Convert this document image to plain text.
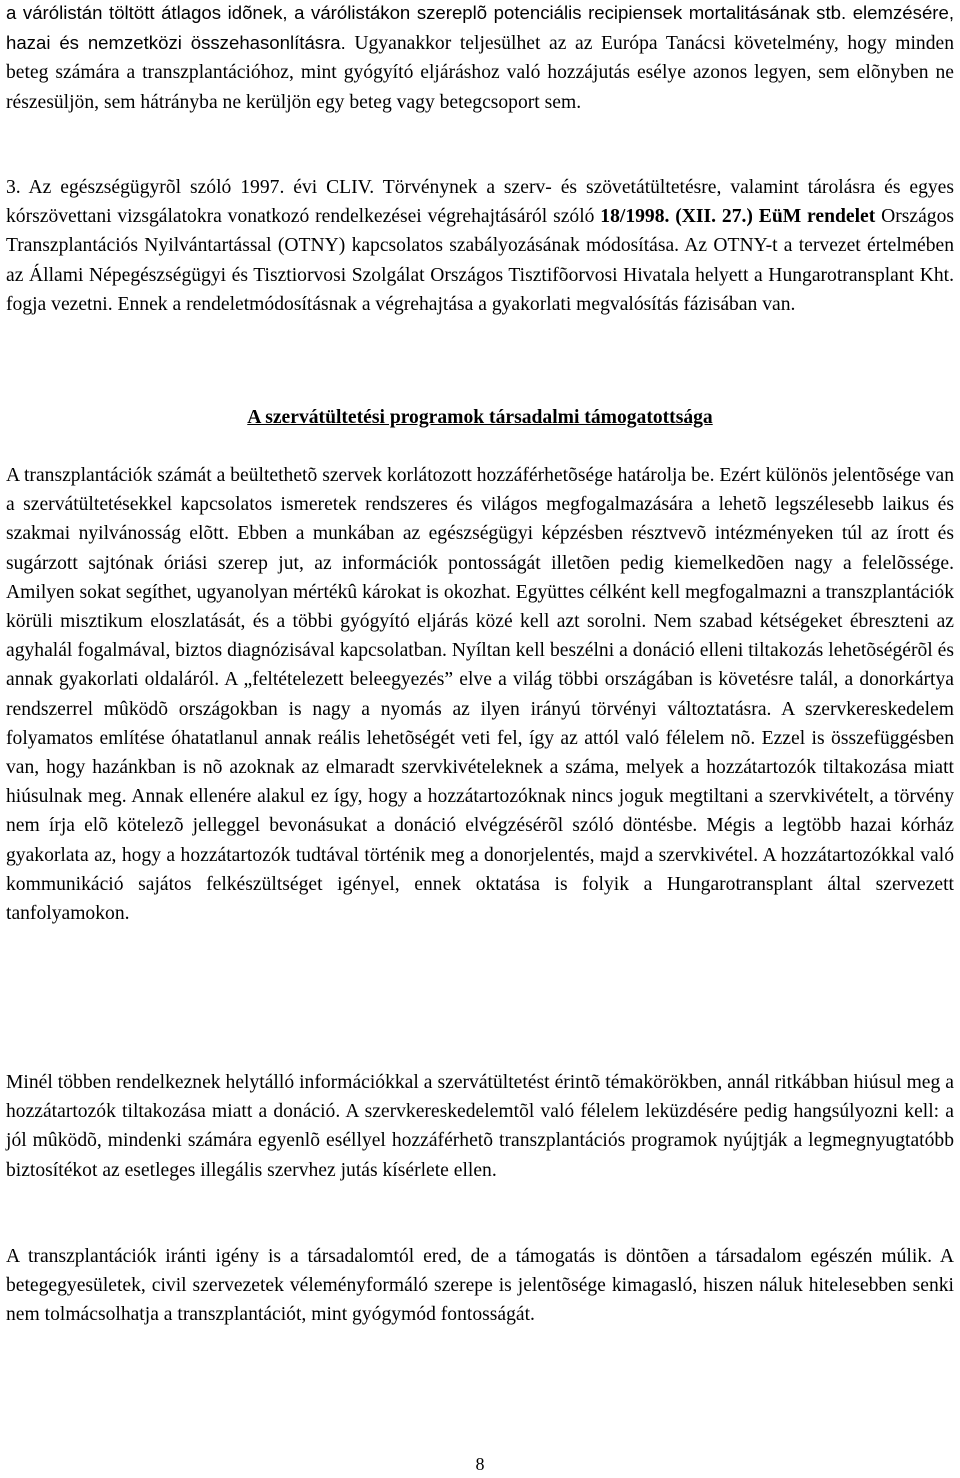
a várólistán töltött átlagos idõnek, a várólistákon szereplõ potenciális recipiensek mortalitásának stb. elemzésére, hazai és nemzetközi összehasonlításra. Ugyanakkor teljesülhet az az Európa Tanácsi követelmény, hogy minden beteg számára a transzplantációhoz, mint gyógyító eljáráshoz való hozzájutás esélye azonos legyen, sem elõnyben ne részesüljön, sem hátrányba ne kerüljön egy beteg vagy betegcsoport sem.

3. Az egészségügyrõl szóló 1997. évi CLIV. Törvénynek a szerv- és szövetátültetésre, valamint tárolásra és egyes kórszövettani vizsgálatokra vonatkozó rendelkezései végrehajtásáról szóló 18/1998. (XII. 27.) EüM rendelet Országos Transzplantációs Nyilvántartással (OTNY) kapcsolatos szabályozásának módosítása. Az OTNY-t a tervezet értelmében az Állami Népegészségügyi és Tisztiorvosi Szolgálat Országos Tisztifõorvosi Hivatala helyett a Hungarotransplant Kht. fogja vezetni. Ennek a rendeletmódosításnak a végrehajtása a gyakorlati megvalósítás fázisában van.

A szervátültetési programok társadalmi támogatottsága

A transzplantációk számát a beültethetõ szervek korlátozott hozzáférhetõsége határolja be. Ezért különös jelentõsége van a szervátültetésekkel kapcsolatos ismeretek rendszeres és világos megfogalmazására a lehetõ legszélesebb laikus és szakmai nyilvánosság elõtt. Ebben a munkában az egészségügyi képzésben résztvevõ intézményeken túl az írott és sugárzott sajtónak óriási szerep jut, az információk pontosságát illetõen pedig kiemelkedõen nagy a felelõssége. Amilyen sokat segíthet, ugyanolyan mértékû károkat is okozhat. Együttes célként kell megfogalmazni a transzplantációk körüli misztikum eloszlatását, és a többi gyógyító eljárás közé kell azt sorolni. Nem szabad kétségeket ébreszteni az agyhalál fogalmával, biztos diagnózisával kapcsolatban. Nyíltan kell beszélni a donáció elleni tiltakozás lehetõségérõl és annak gyakorlati oldaláról. A „feltételezett beleegyezés” elve a világ többi országában is követésre talál, a donorkártya rendszerrel mûködõ országokban is nagy a nyomás az ilyen irányú törvényi változtatásra. A szervkereskedelem folyamatos említése óhatatlanul annak reális lehetõségét veti fel, így az attól való félelem nõ. Ezzel is összefüggésben van, hogy hazánkban is nõ azoknak az elmaradt szervkivételeknek a száma, melyek a hozzátartozók tiltakozása miatt hiúsulnak meg. Annak ellenére alakul ez így, hogy a hozzátartozóknak nincs joguk megtiltani a szervkivételt, a törvény nem írja elõ kötelezõ jelleggel bevonásukat a donáció elvégzésérõl szóló döntésbe. Mégis a legtöbb hazai kórház gyakorlata az, hogy a hozzátartozók tudtával történik meg a donorjelentés, majd a szervkivétel. A hozzátartozókkal való kommunikáció sajátos felkészültséget igényel, ennek oktatása is folyik a Hungarotransplant által szervezett tanfolyamokon.

Minél többen rendelkeznek helytálló információkkal a szervátültetést érintõ témakörökben, annál ritkábban hiúsul meg a hozzátartozók tiltakozása miatt a donáció. A szervkereskedelemtõl való félelem leküzdésére pedig hangsúlyozni kell: a jól mûködõ, mindenki számára egyenlõ eséllyel hozzáférhetõ transzplantációs programok nyújtják a legmegnyugtatóbb biztosítékot az esetleges illegális szervhez jutás kísérlete ellen.

A transzplantációk iránti igény is a társadalomtól ered, de a támogatás is döntõen a társadalom egészén múlik. A betegegyesületek, civil szervezetek véleményformáló szerepe is jelentõsége kimagasló, hiszen náluk hitelesebben senki nem tolmácsolhatja a transzplantációt, mint gyógymód fontosságát.

8
